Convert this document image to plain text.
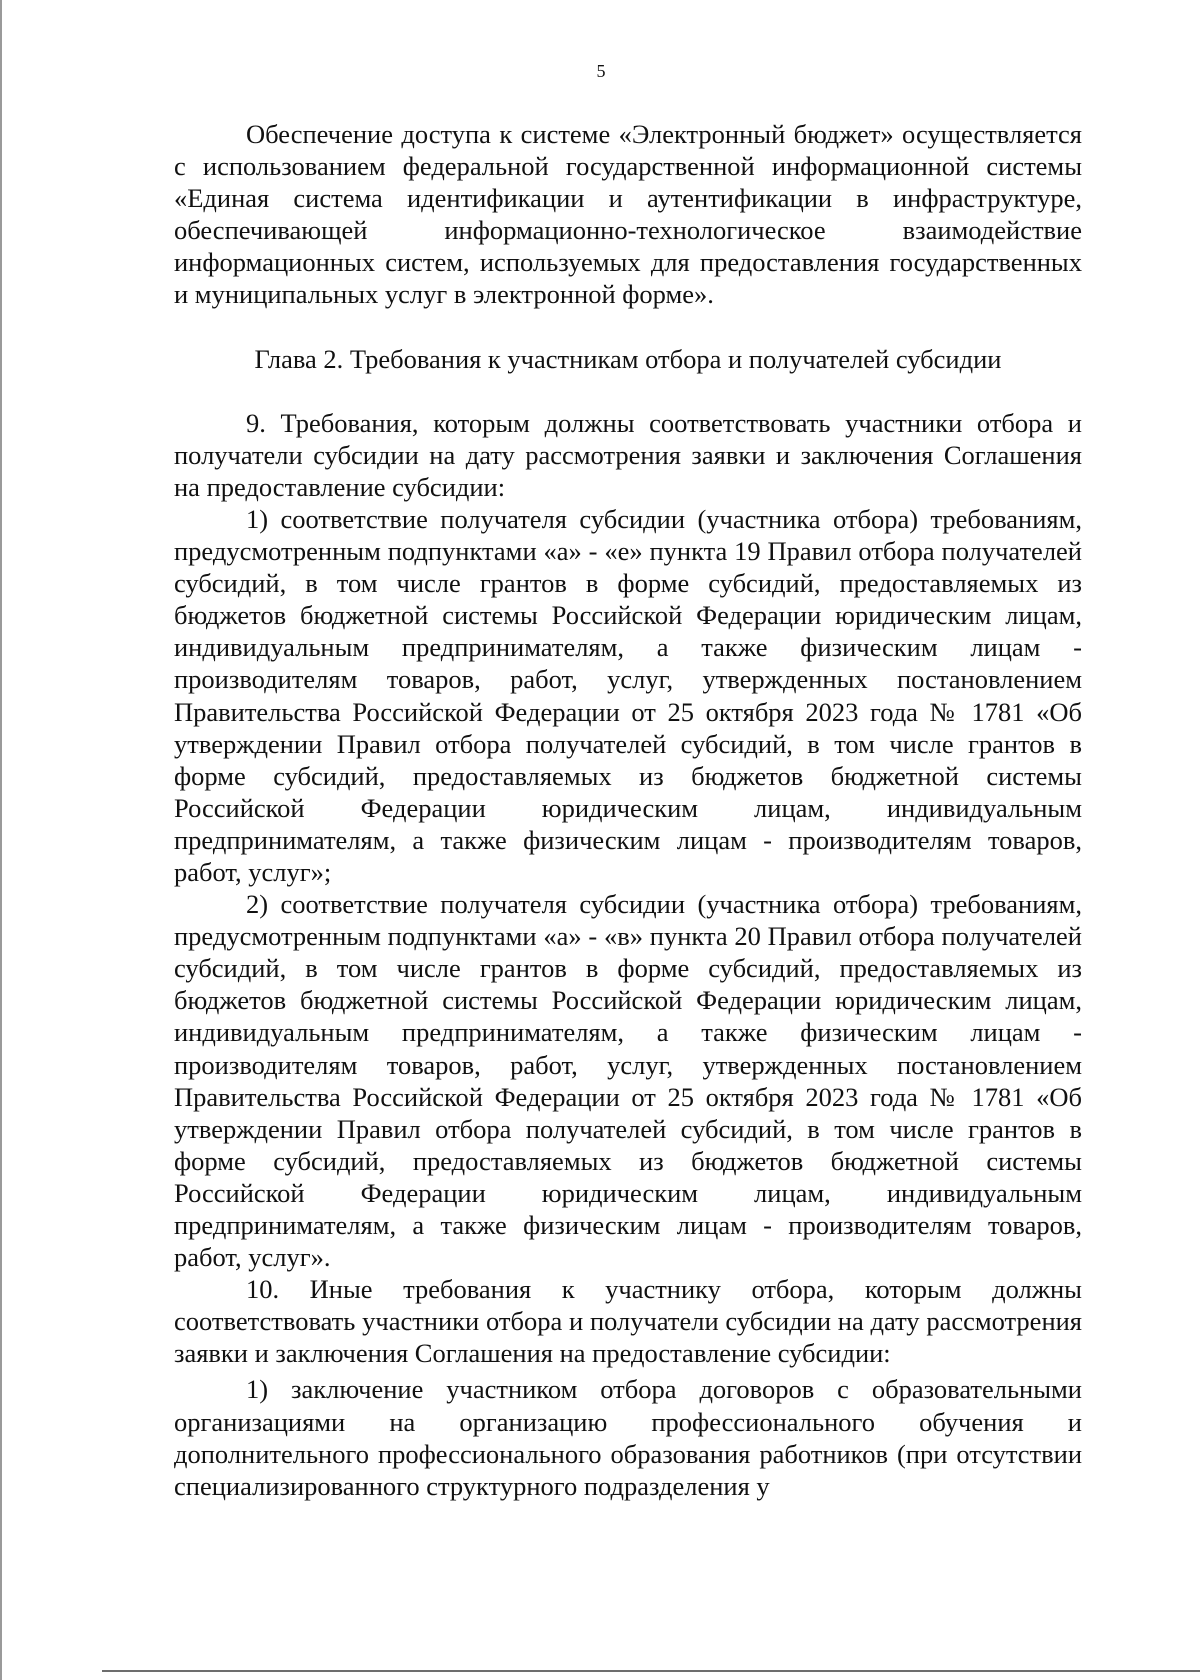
5

Обеспечение доступа к системе «Электронный бюджет» осуществляется с использованием федеральной государственной информационной системы «Единая система идентификации и аутентификации в инфраструктуре, обеспечивающей информационно-технологическое взаимодействие информационных систем, используемых для предоставления государственных и муниципальных услуг в электронной форме».

Глава 2. Требования к участникам отбора и получателей субсидии

9. Требования, которым должны соответствовать участники отбора и получатели субсидии на дату рассмотрения заявки и заключения Соглашения на предоставление субсидии:

1) соответствие получателя субсидии (участника отбора) требованиям, предусмотренным подпунктами «а» - «е» пункта 19 Правил отбора получателей субсидий, в том числе грантов в форме субсидий, предоставляемых из бюджетов бюджетной системы Российской Федерации юридическим лицам, индивидуальным предпринимателям, а также физическим лицам - производителям товаров, работ, услуг, утвержденных постановлением Правительства Российской Федерации от 25 октября 2023 года № 1781 «Об утверждении Правил отбора получателей субсидий, в том числе грантов в форме субсидий, предоставляемых из бюджетов бюджетной системы Российской Федерации юридическим лицам, индивидуальным предпринимателям, а также физическим лицам - производителям товаров, работ, услуг»;

2) соответствие получателя субсидии (участника отбора) требованиям, предусмотренным подпунктами «а» - «в» пункта 20 Правил отбора получателей субсидий, в том числе грантов в форме субсидий, предоставляемых из бюджетов бюджетной системы Российской Федерации юридическим лицам, индивидуальным предпринимателям, а также физическим лицам - производителям товаров, работ, услуг, утвержденных постановлением Правительства Российской Федерации от 25 октября 2023 года № 1781 «Об утверждении Правил отбора получателей субсидий, в том числе грантов в форме субсидий, предоставляемых из бюджетов бюджетной системы Российской Федерации юридическим лицам, индивидуальным предпринимателям, а также физическим лицам - производителям товаров, работ, услуг».

10. Иные требования к участнику отбора, которым должны соответствовать участники отбора и получатели субсидии на дату рассмотрения заявки и заключения Соглашения на предоставление субсидии:

1) заключение участником отбора договоров с образовательными организациями на организацию профессионального обучения и дополнительного профессионального образования работников (при отсутствии специализированного структурного подразделения у
